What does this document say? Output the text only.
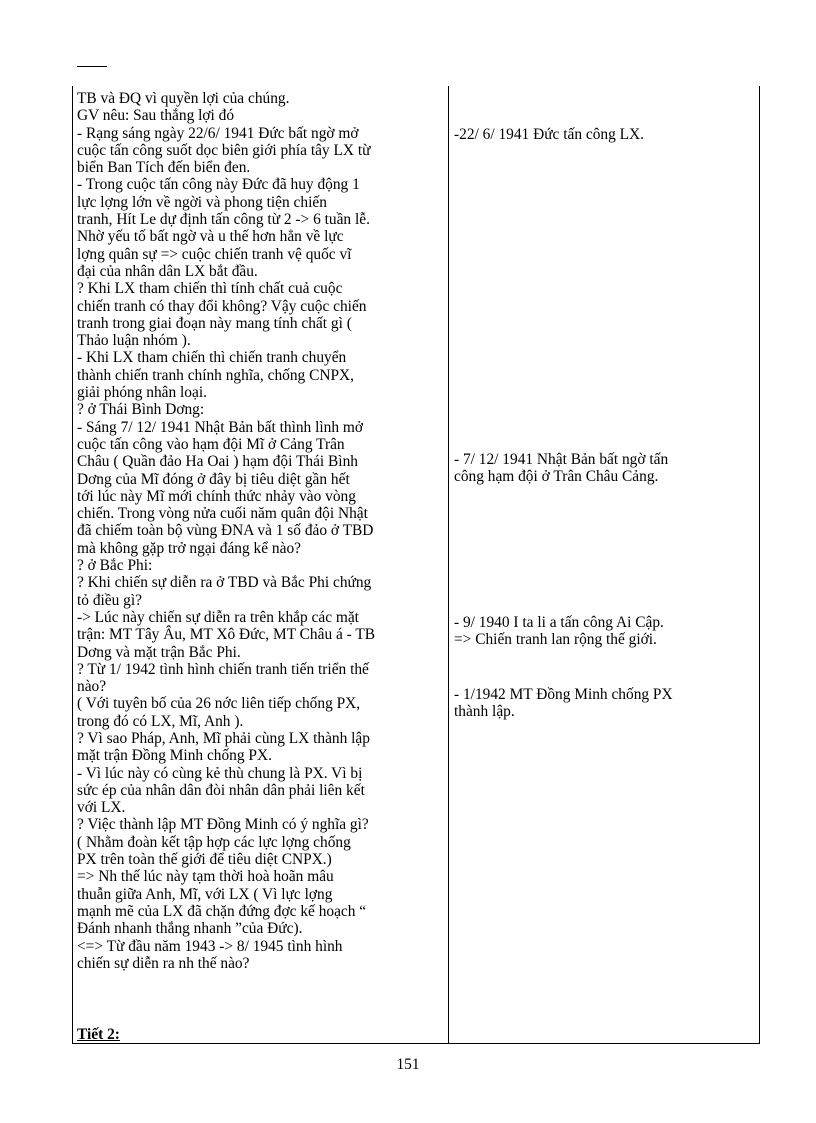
TB và ĐQ vì quyền lợi của chúng.

GV nêu: Sau thắng lợi đó

- Rạng sáng ngày 22/6/ 1941 Đức bất ngờ mở

cuộc tấn công suốt dọc biên giới phía tây LX từ

biển Ban Tích đến biển đen.

- Trong cuộc tấn công này Đức đã huy động 1

lực lợng lớn về ngời và phong tiện chiến

tranh, Hít Le dự định tấn công từ 2 -> 6 tuần lễ.

Nhờ yếu tố bất ngờ và u thế hơn hẳn về lực

lợng quân sự => cuộc chiến tranh vệ quốc vĩ

đại của nhân dân LX bắt đầu.

? Khi LX tham chiến thì tính chất cuả cuộc

chiến tranh có thay đổi không? Vậy cuộc chiến

tranh trong giai đoạn này mang tính chất gì (

Thảo luận nhóm ).

- Khi LX tham chiến thì chiến tranh chuyển

thành chiến tranh chính nghĩa, chống CNPX,

giải phóng nhân loại.

? ở Thái Bình Dơng:

- Sáng 7/ 12/ 1941 Nhật Bản bất thình lình mở

cuộc tấn công vào hạm đội Mĩ ở Cảng Trân

Châu ( Quần đảo Ha Oai ) hạm đội Thái Bình

Dơng của Mĩ đóng ở đây bị tiêu diệt gần hết

tới lúc này Mĩ mới chính thức nhảy vào vòng

chiến. Trong vòng nửa cuối năm quân đội Nhật

đã chiếm toàn bộ vùng ĐNA và 1 số đảo ở TBD

mà không gặp trở ngại đáng kể nào?

? ở Bắc Phi:

? Khi chiến sự diễn ra ở TBD và Bắc Phi chứng

tỏ điều gì?

-> Lúc này chiến sự diễn ra trên khắp các mặt

trận: MT Tây Âu, MT Xô Đức, MT Châu á - TB

Dơng và mặt trận Bắc Phi.

? Từ 1/ 1942 tình hình chiến tranh tiến triển thế

nào?

( Với tuyên bố của 26 nớc liên tiếp chống PX,

trong đó có LX, Mĩ, Anh ).

? Vì sao Pháp, Anh, Mĩ phải cùng LX thành lập

mặt trận Đồng Minh chống PX.

- Vì lúc này có cùng kẻ thù chung là PX. Vì bị

sức ép của nhân dân đòi nhân dân phải liên kết

với LX.

? Việc thành lập MT Đồng Minh có ý nghĩa gì?

( Nhằm đoàn kết tập hợp các lực lợng chống

PX trên toàn thế giới để tiêu diệt CNPX.)

=> Nh thế lúc này tạm thời hoà hoãn mâu

thuẫn giữa Anh, Mĩ, với LX ( Vì lực lợng

mạnh mẽ của LX đã chặn đứng đợc kế hoạch “

Đánh nhanh thắng nhanh ”của Đức).

<=> Từ đầu năm 1943 -> 8/ 1945 tình hình

chiến sự diễn ra nh thế nào?

-22/ 6/ 1941 Đức tấn công LX.

- 7/ 12/ 1941 Nhật Bản bất ngờ tấn

công hạm đội ở Trân Châu Cảng.

- 9/ 1940 I ta li a tấn công Ai Cập.

=> Chiến tranh lan rộng thế giới.

- 1/1942 MT Đồng Minh chống PX

thành lập.

Tiết 2:
151
